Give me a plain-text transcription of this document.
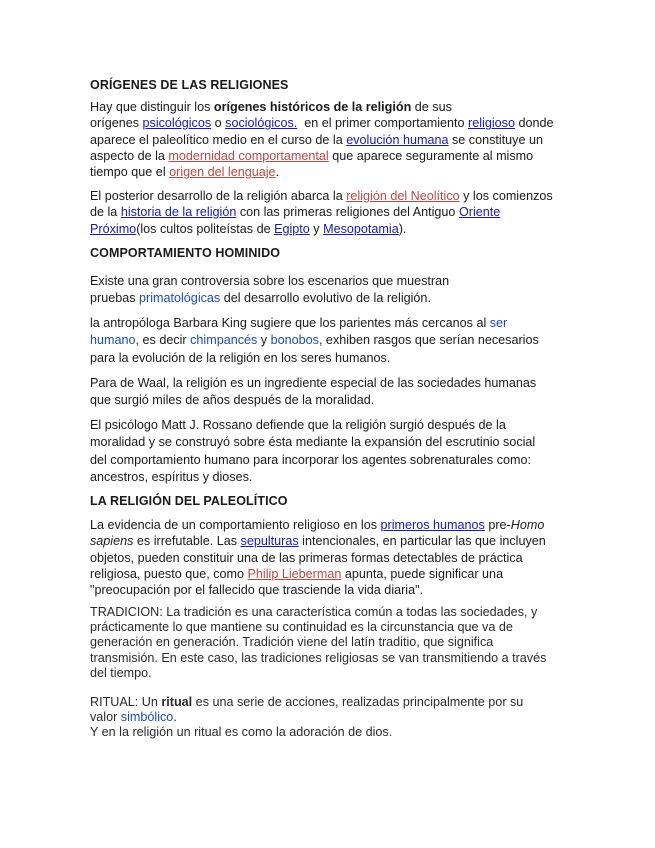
ORÍGENES DE LAS RELIGIONES

Hay que distinguir los orígenes históricos de la religión de sus
orígenes psicológicos o sociológicos.  en el primer comportamiento religioso donde
aparece el paleolítico medio en el curso de la evolución humana se constituye un
aspecto de la modernidad comportamental que aparece seguramente al mismo
tiempo que el origen del lenguaje.

El posterior desarrollo de la religión abarca la religión del Neolítico y los comienzos
de la historia de la religión con las primeras religiones del Antiguo Oriente
Próximo(los cultos politeístas de Egipto y Mesopotamia).

COMPORTAMIENTO HOMINIDO

Existe una gran controversia sobre los escenarios que muestran
pruebas primatológicas del desarrollo evolutivo de la religión.

la antropóloga Barbara King sugiere que los parientes más cercanos al ser
humano, es decir chimpancés y bonobos, exhiben rasgos que serían necesarios
para la evolución de la religión en los seres humanos.

Para de Waal, la religión es un ingrediente especial de las sociedades humanas
que surgió miles de años después de la moralidad.

El psicólogo Matt J. Rossano defiende que la religión surgió después de la
moralidad y se construyó sobre ésta mediante la expansión del escrutinio social
del comportamiento humano para incorporar los agentes sobrenaturales como:
ancestros, espíritus y dioses.

LA RELIGIÓN DEL PALEOLÍTICO

La evidencia de un comportamiento religioso en los primeros humanos pre-Homo
sapiens es irrefutable. Las sepulturas intencionales, en particular las que incluyen
objetos, pueden constituir una de las primeras formas detectables de práctica
religiosa, puesto que, como Philip Lieberman apunta, puede significar una
"preocupación por el fallecido que trasciende la vida diaria".

TRADICION: La tradición es una característica común a todas las sociedades, y
prácticamente lo que mantiene su continuidad es la circunstancia que va de
generación en generación. Tradición viene del latín traditio, que significa
transmisión. En este caso, las tradiciones religiosas se van transmitiendo a través
del tiempo.

RITUAL: Un ritual es una serie de acciones, realizadas principalmente por su
valor simbólico.
Y en la religión un ritual es como la adoración de dios.
